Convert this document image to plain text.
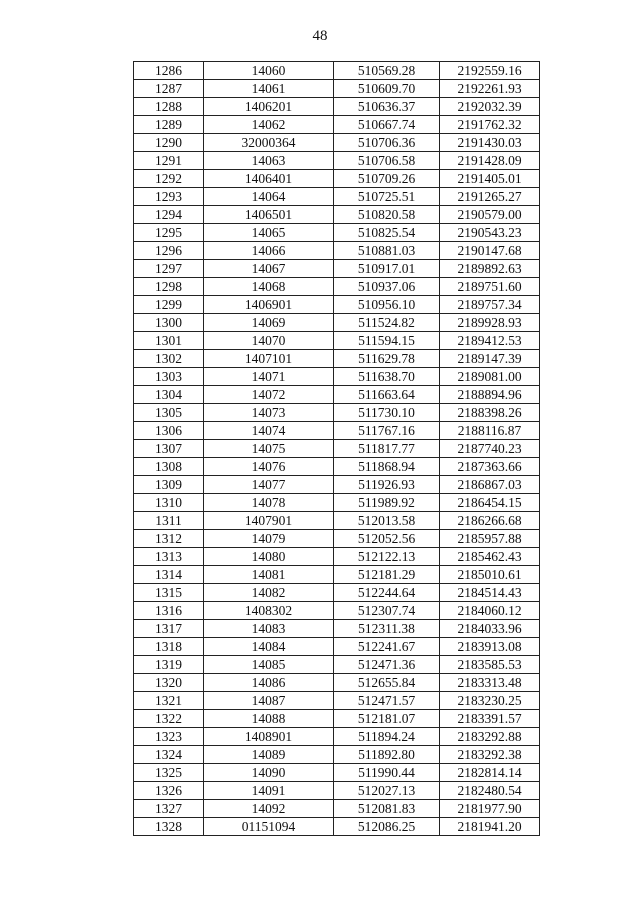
48
1286	14060	510569.28	2192559.16
1287	14061	510609.70	2192261.93
1288	1406201	510636.37	2192032.39
1289	14062	510667.74	2191762.32
1290	32000364	510706.36	2191430.03
1291	14063	510706.58	2191428.09
1292	1406401	510709.26	2191405.01
1293	14064	510725.51	2191265.27
1294	1406501	510820.58	2190579.00
1295	14065	510825.54	2190543.23
1296	14066	510881.03	2190147.68
1297	14067	510917.01	2189892.63
1298	14068	510937.06	2189751.60
1299	1406901	510956.10	2189757.34
1300	14069	511524.82	2189928.93
1301	14070	511594.15	2189412.53
1302	1407101	511629.78	2189147.39
1303	14071	511638.70	2189081.00
1304	14072	511663.64	2188894.96
1305	14073	511730.10	2188398.26
1306	14074	511767.16	2188116.87
1307	14075	511817.77	2187740.23
1308	14076	511868.94	2187363.66
1309	14077	511926.93	2186867.03
1310	14078	511989.92	2186454.15
1311	1407901	512013.58	2186266.68
1312	14079	512052.56	2185957.88
1313	14080	512122.13	2185462.43
1314	14081	512181.29	2185010.61
1315	14082	512244.64	2184514.43
1316	1408302	512307.74	2184060.12
1317	14083	512311.38	2184033.96
1318	14084	512241.67	2183913.08
1319	14085	512471.36	2183585.53
1320	14086	512655.84	2183313.48
1321	14087	512471.57	2183230.25
1322	14088	512181.07	2183391.57
1323	1408901	511894.24	2183292.88
1324	14089	511892.80	2183292.38
1325	14090	511990.44	2182814.14
1326	14091	512027.13	2182480.54
1327	14092	512081.83	2181977.90
1328	01151094	512086.25	2181941.20
